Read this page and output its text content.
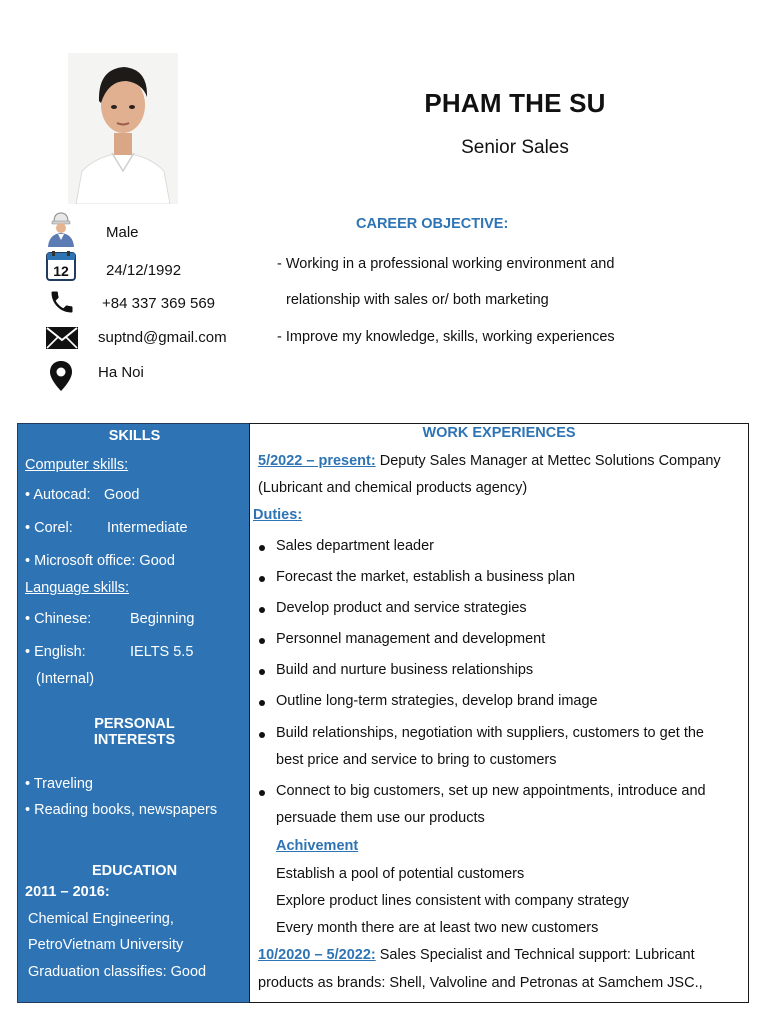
PHAM THE SU
Senior Sales
Male
12 24/12/1992
+84 337 369 569
suptnd@gmail.com
Ha Noi
CAREER OBJECTIVE:
- Working in a professional working environment and
relationship with sales or/ both marketing
- Improve my knowledge, skills, working experiences
SKILLS
Computer skills:
• Autocad: Good
• Corel: Intermediate
• Microsoft office: Good
Language skills:
• Chinese:	Beginning
• English:	IELTS 5.5
(Internal)
PERSONAL
INTERESTS
• Traveling
• Reading books, newspapers
EDUCATION
2011 – 2016:
Chemical Engineering,
PetroVietnam University
Graduation classifies: Good
WORK EXPERIENCES
5/2022 – present: Deputy Sales Manager at Mettec Solutions Company
(Lubricant and chemical products agency)
Duties:
Sales department leader
Forecast the market, establish a business plan
Develop product and service strategies
Personnel management and development
Build and nurture business relationships
Outline long-term strategies, develop brand image
Build relationships, negotiation with suppliers, customers to get the
best price and service to bring to customers
Connect to big customers, set up new appointments, introduce and
persuade them use our products
Achivement
Establish a pool of potential customers
Explore product lines consistent with company strategy
Every month there are at least two new customers
10/2020 – 5/2022: Sales Specialist and Technical support: Lubricant
products as brands: Shell, Valvoline and Petronas at Samchem JSC.,
